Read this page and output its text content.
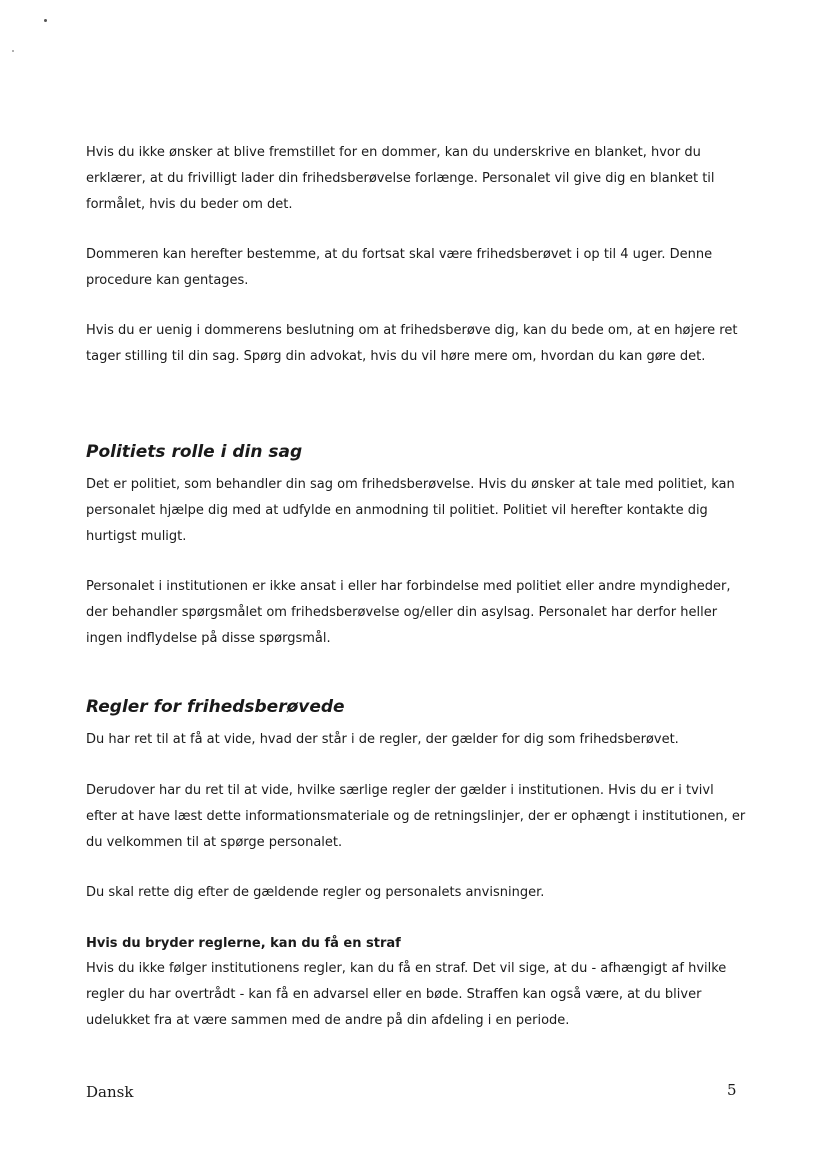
Hvis du ikke ønsker at blive fremstillet for en dommer, kan du underskrive en blanket, hvor du erklærer, at du frivilligt lader din frihedsberøvelse forlænge. Personalet vil give dig en blanket til formålet, hvis du beder om det.

Dommeren kan herefter bestemme, at du fortsat skal være frihedsberøvet i op til 4 uger. Denne procedure kan gentages.

Hvis du er uenig i dommerens beslutning om at frihedsberøve dig, kan du bede om, at en højere ret tager stilling til din sag. Spørg din advokat, hvis du vil høre mere om, hvordan du kan gøre det.

Politiets rolle i din sag

Det er politiet, som behandler din sag om frihedsberøvelse. Hvis du ønsker at tale med politiet, kan personalet hjælpe dig med at udfylde en anmodning til politiet. Politiet vil herefter kontakte dig hurtigst muligt.

Personalet i institutionen er ikke ansat i eller har forbindelse med politiet eller andre myndigheder, der behandler spørgsmålet om frihedsberøvelse og/eller din asylsag. Personalet har derfor heller ingen indflydelse på disse spørgsmål.

Regler for frihedsberøvede

Du har ret til at få at vide, hvad der står i de regler, der gælder for dig som frihedsberøvet.

Derudover har du ret til at vide, hvilke særlige regler der gælder i institutionen. Hvis du er i tvivl efter at have læst dette informationsmateriale og de retningslinjer, der er ophængt i institutionen, er du velkommen til at spørge personalet.

Du skal rette dig efter de gældende regler og personalets anvisninger.

Hvis du bryder reglerne, kan du få en straf

Hvis du ikke følger institutionens regler, kan du få en straf. Det vil sige, at du - afhængigt af hvilke regler du har overtrådt - kan få en advarsel eller en bøde. Straffen kan også være, at du bliver udelukket fra at være sammen med de andre på din afdeling i en periode.

Dansk	5
